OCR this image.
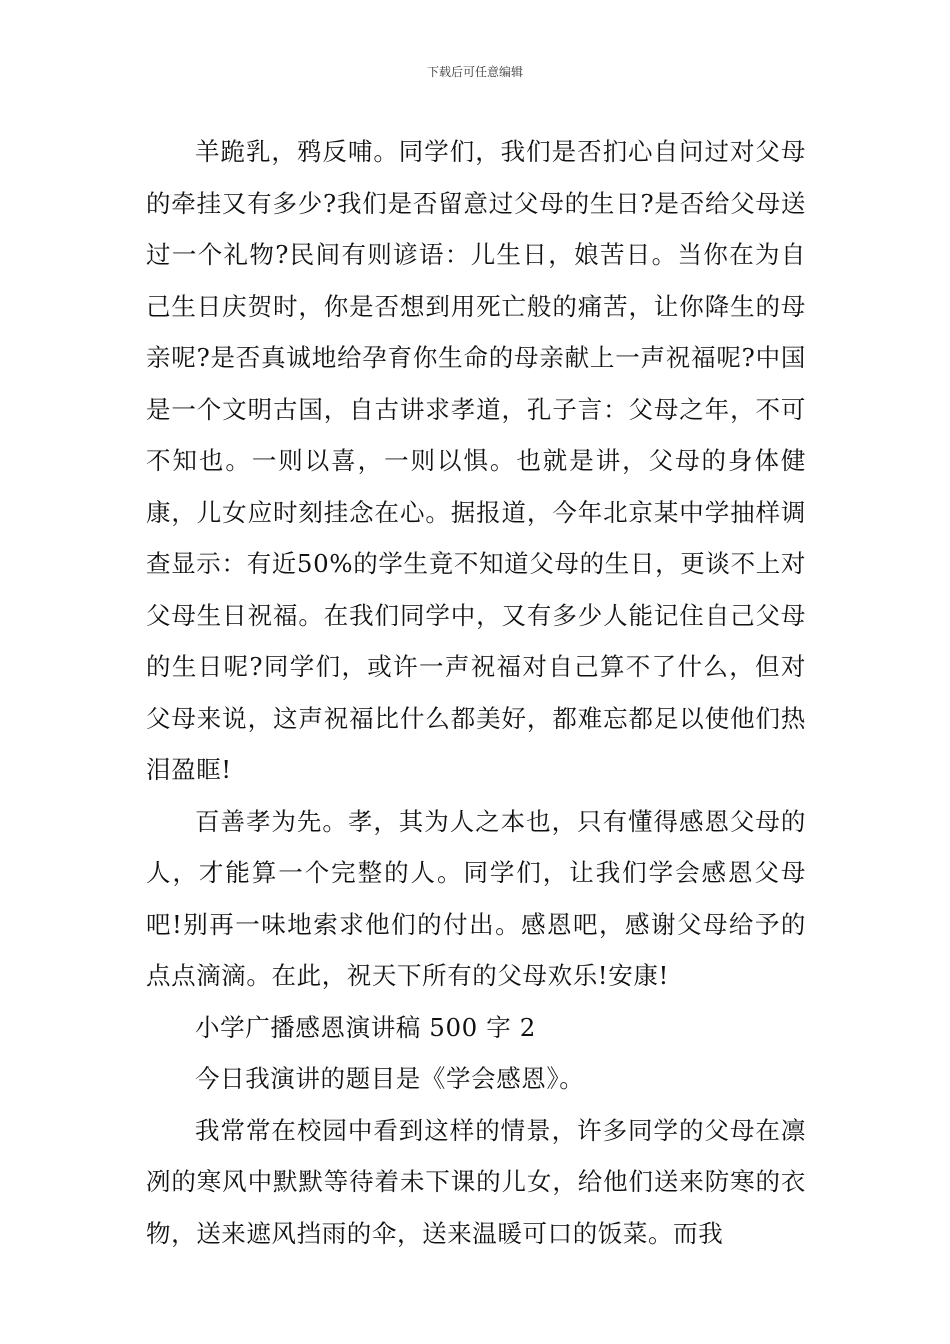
下载后可任意编辑

羊跪乳，鸦反哺。同学们，我们是否扪心自问过对父母的牵挂又有多少?我们是否留意过父母的生日?是否给父母送过一个礼物?民间有则谚语：儿生日，娘苦日。当你在为自己生日庆贺时，你是否想到用死亡般的痛苦，让你降生的母亲呢?是否真诚地给孕育你生命的母亲献上一声祝福呢?中国是一个文明古国，自古讲求孝道，孔子言：父母之年，不可不知也。一则以喜，一则以惧。也就是讲，父母的身体健康，儿女应时刻挂念在心。据报道，今年北京某中学抽样调查显示：有近50%的学生竟不知道父母的生日，更谈不上对父母生日祝福。在我们同学中，又有多少人能记住自己父母的生日呢?同学们，或许一声祝福对自己算不了什么，但对父母来说，这声祝福比什么都美好，都难忘都足以使他们热泪盈眶!

百善孝为先。孝，其为人之本也，只有懂得感恩父母的人，才能算一个完整的人。同学们，让我们学会感恩父母吧!别再一味地索求他们的付出。感恩吧，感谢父母给予的点点滴滴。在此，祝天下所有的父母欢乐!安康!

小学广播感恩演讲稿 500 字 2

今日我演讲的题目是《学会感恩》。

我常常在校园中看到这样的情景，许多同学的父母在凛冽的寒风中默默等待着未下课的儿女，给他们送来防寒的衣物，送来遮风挡雨的伞，送来温暖可口的饭菜。而我
